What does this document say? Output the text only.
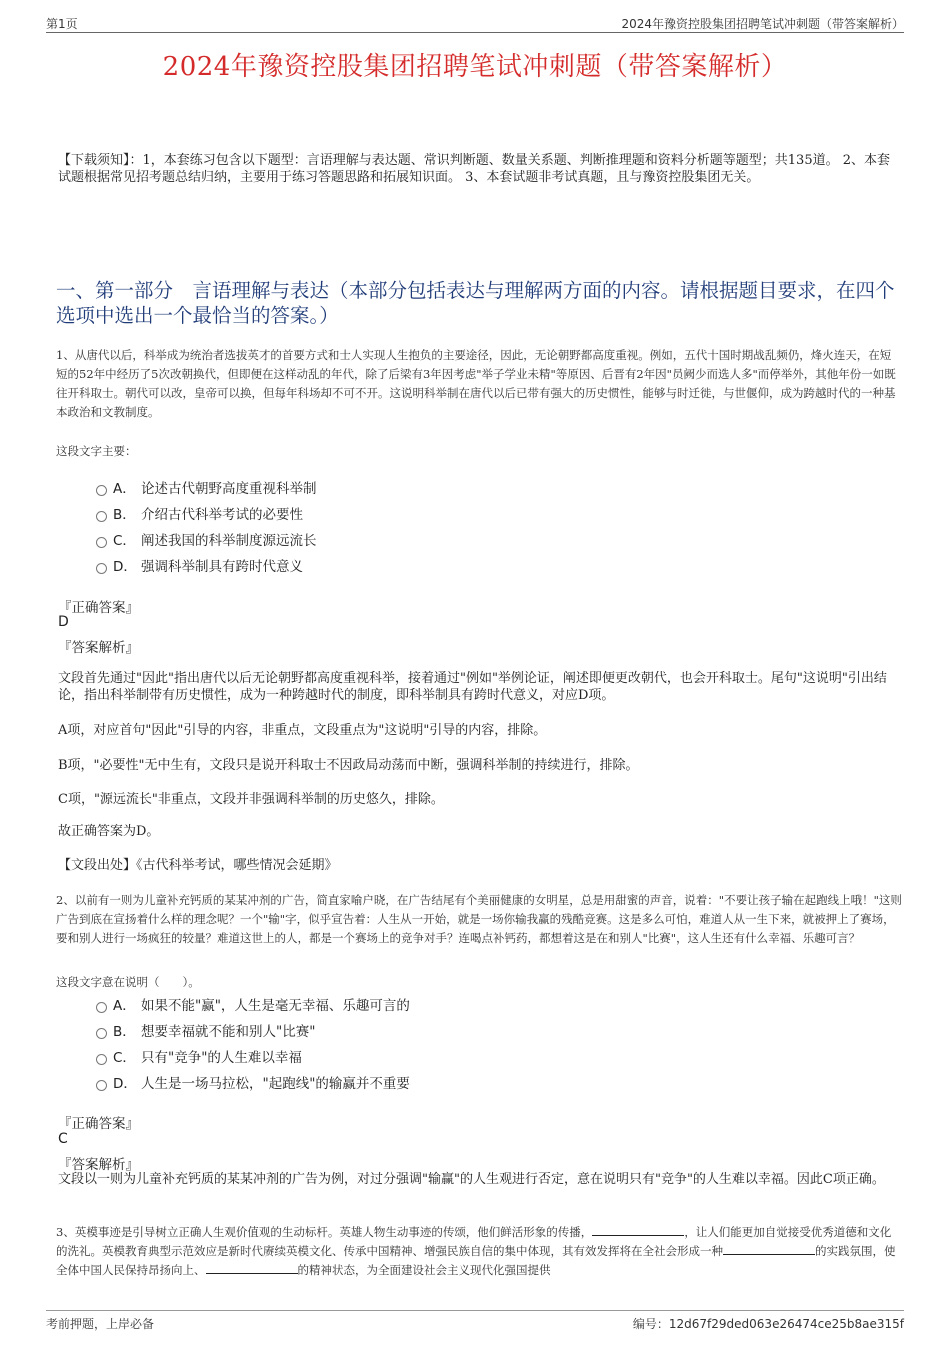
第1页	2024年豫资控股集团招聘笔试冲刺题（带答案解析）
2024年豫资控股集团招聘笔试冲刺题（带答案解析）
【下载须知】：1，本套练习包含以下题型：言语理解与表达题、常识判断题、数量关系题、判断推理题和资料分析题等题型；共135道。 2、本套试题根据常见招考题总结归纳，主要用于练习答题思路和拓展知识面。 3、本套试题非考试真题，且与豫资控股集团无关。
一、第一部分　言语理解与表达（本部分包括表达与理解两方面的内容。请根据题目要求，在四个选项中选出一个最恰当的答案。）
1、从唐代以后，科举成为统治者选拔英才的首要方式和士人实现人生抱负的主要途径，因此，无论朝野都高度重视。例如，五代十国时期战乱频仍，烽火连天，在短短的52年中经历了5次改朝换代，但即便在这样动乱的年代，除了后梁有3年因考虑"举子学业未精"等原因、后晋有2年因"员阙少而选人多"而停举外，其他年份一如既往开科取士。朝代可以改，皇帝可以换，但每年科场却不可不开。这说明科举制在唐代以后已带有强大的历史惯性，能够与时迁徙，与世偃仰，成为跨越时代的一种基本政治和文教制度。
这段文字主要：
A． 论述古代朝野高度重视科举制
B． 介绍古代科举考试的必要性
C． 阐述我国的科举制度源远流长
D． 强调科举制具有跨时代意义
『正确答案』
D
『答案解析』
文段首先通过"因此"指出唐代以后无论朝野都高度重视科举，接着通过"例如"举例论证，阐述即便更改朝代，也会开科取士。尾句"这说明"引出结论，指出科举制带有历史惯性，成为一种跨越时代的制度，即科举制具有跨时代意义，对应D项。
A项，对应首句"因此"引导的内容，非重点，文段重点为"这说明"引导的内容，排除。
B项，"必要性"无中生有，文段只是说开科取士不因政局动荡而中断，强调科举制的持续进行，排除。
C项，"源远流长"非重点，文段并非强调科举制的历史悠久，排除。
故正确答案为D。
【文段出处】《古代科举考试，哪些情况会延期》
2、以前有一则为儿童补充钙质的某某冲剂的广告，简直家喻户晓，在广告结尾有个美丽健康的女明星，总是用甜蜜的声音，说着："不要让孩子输在起跑线上哦！"这则广告到底在宣扬着什么样的理念呢？一个"输"字，似乎宣告着：人生从一开始，就是一场你输我赢的残酷竞赛。这是多么可怕，难道人从一生下来，就被押上了赛场，要和别人进行一场疯狂的较量？难道这世上的人，都是一个赛场上的竞争对手？连喝点补钙药，都想着这是在和别人"比赛"，这人生还有什么幸福、乐趣可言？
这段文字意在说明（　　）。
A． 如果不能"赢"，人生是毫无幸福、乐趣可言的
B． 想要幸福就不能和别人"比赛"
C． 只有"竞争"的人生难以幸福
D． 人生是一场马拉松，"起跑线"的输赢并不重要
『正确答案』
C
『答案解析』
文段以一则为儿童补充钙质的某某冲剂的广告为例，对过分强调"输赢"的人生观进行否定，意在说明只有"竞争"的人生难以幸福。因此C项正确。
3、英模事迹是引导树立正确人生观价值观的生动标杆。英雄人物生动事迹的传颂，他们鲜活形象的传播，	，让人们能更加自觉接受优秀道德和文化的洗礼。英模教育典型示范效应是新时代赓续英模文化、传承中国精神、增强民族自信的集中体现，其有效发挥将在全社会形成一种	的实践氛围，使全体中国人民保持昂扬向上、	的精神状态，为全面建设社会主义现代化强国提供
考前押题，上岸必备	编号：12d67f29ded063e26474ce25b8ae315f
